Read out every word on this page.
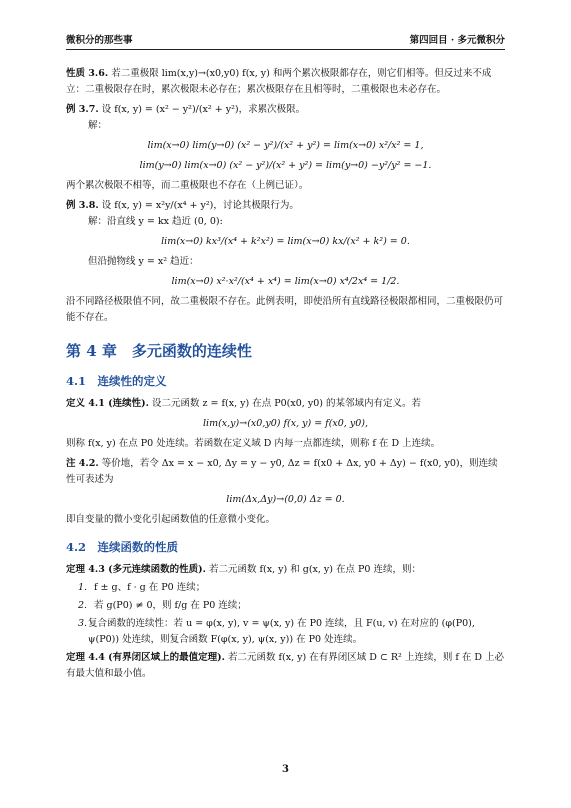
微积分的那些事	第四回目 · 多元微积分

性质 3.6. 若二重极限 lim(x,y)→(x0,y0) f(x, y) 和两个累次极限都存在，则它们相等。但反过来不成立：二重极限存在时，累次极限未必存在；累次极限存在且相等时，二重极限也未必存在。

例 3.7. 设 f(x, y) = (x² − y²)/(x² + y²)，求累次极限。

解：

lim(x→0) lim(y→0) (x² − y²)/(x² + y²) = lim(x→0) x²/x² = 1,
lim(y→0) lim(x→0) (x² − y²)/(x² + y²) = lim(y→0) −y²/y² = −1.

两个累次极限不相等，而二重极限也不存在（上例已证）。

例 3.8. 设 f(x, y) = x²y/(x⁴ + y²)，讨论其极限行为。

解：沿直线 y = kx 趋近 (0, 0):

lim(x→0) kx³/(x⁴ + k²x²) = lim(x→0) kx/(x² + k²) = 0.

但沿抛物线 y = x² 趋近：

lim(x→0) x²·x²/(x⁴ + x⁴) = lim(x→0) x⁴/2x⁴ = 1/2.

沿不同路径极限值不同，故二重极限不存在。此例表明，即使沿所有直线路径极限都相同，二重极限仍可能不存在。

第 4 章　多元函数的连续性
4.1　连续性的定义

定义 4.1 (连续性). 设二元函数 z = f(x, y) 在点 P0(x0, y0) 的某邻域内有定义。若

lim(x,y)→(x0,y0) f(x, y) = f(x0, y0),

则称 f(x, y) 在点 P0 处连续。若函数在定义域 D 内每一点都连续，则称 f 在 D 上连续。

注 4.2. 等价地，若令 Δx = x − x0, Δy = y − y0, Δz = f(x0 + Δx, y0 + Δy) − f(x0, y0)，则连续性可表述为

lim(Δx,Δy)→(0,0) Δz = 0.

即自变量的微小变化引起函数值的任意微小变化。

4.2　连续函数的性质

定理 4.3 (多元连续函数的性质). 若二元函数 f(x, y) 和 g(x, y) 在点 P0 连续，则：

1. f ± g、f · g 在 P0 连续；
2. 若 g(P0) ≠ 0，则 f/g 在 P0 连续；
3. 复合函数的连续性：若 u = φ(x, y), v = ψ(x, y) 在 P0 连续，且 F(u, v) 在对应的 (φ(P0), ψ(P0)) 处连续，则复合函数 F(φ(x, y), ψ(x, y)) 在 P0 处连续。

定理 4.4 (有界闭区域上的最值定理). 若二元函数 f(x, y) 在有界闭区域 D ⊂ R² 上连续，则 f 在 D 上必有最大值和最小值。

3
